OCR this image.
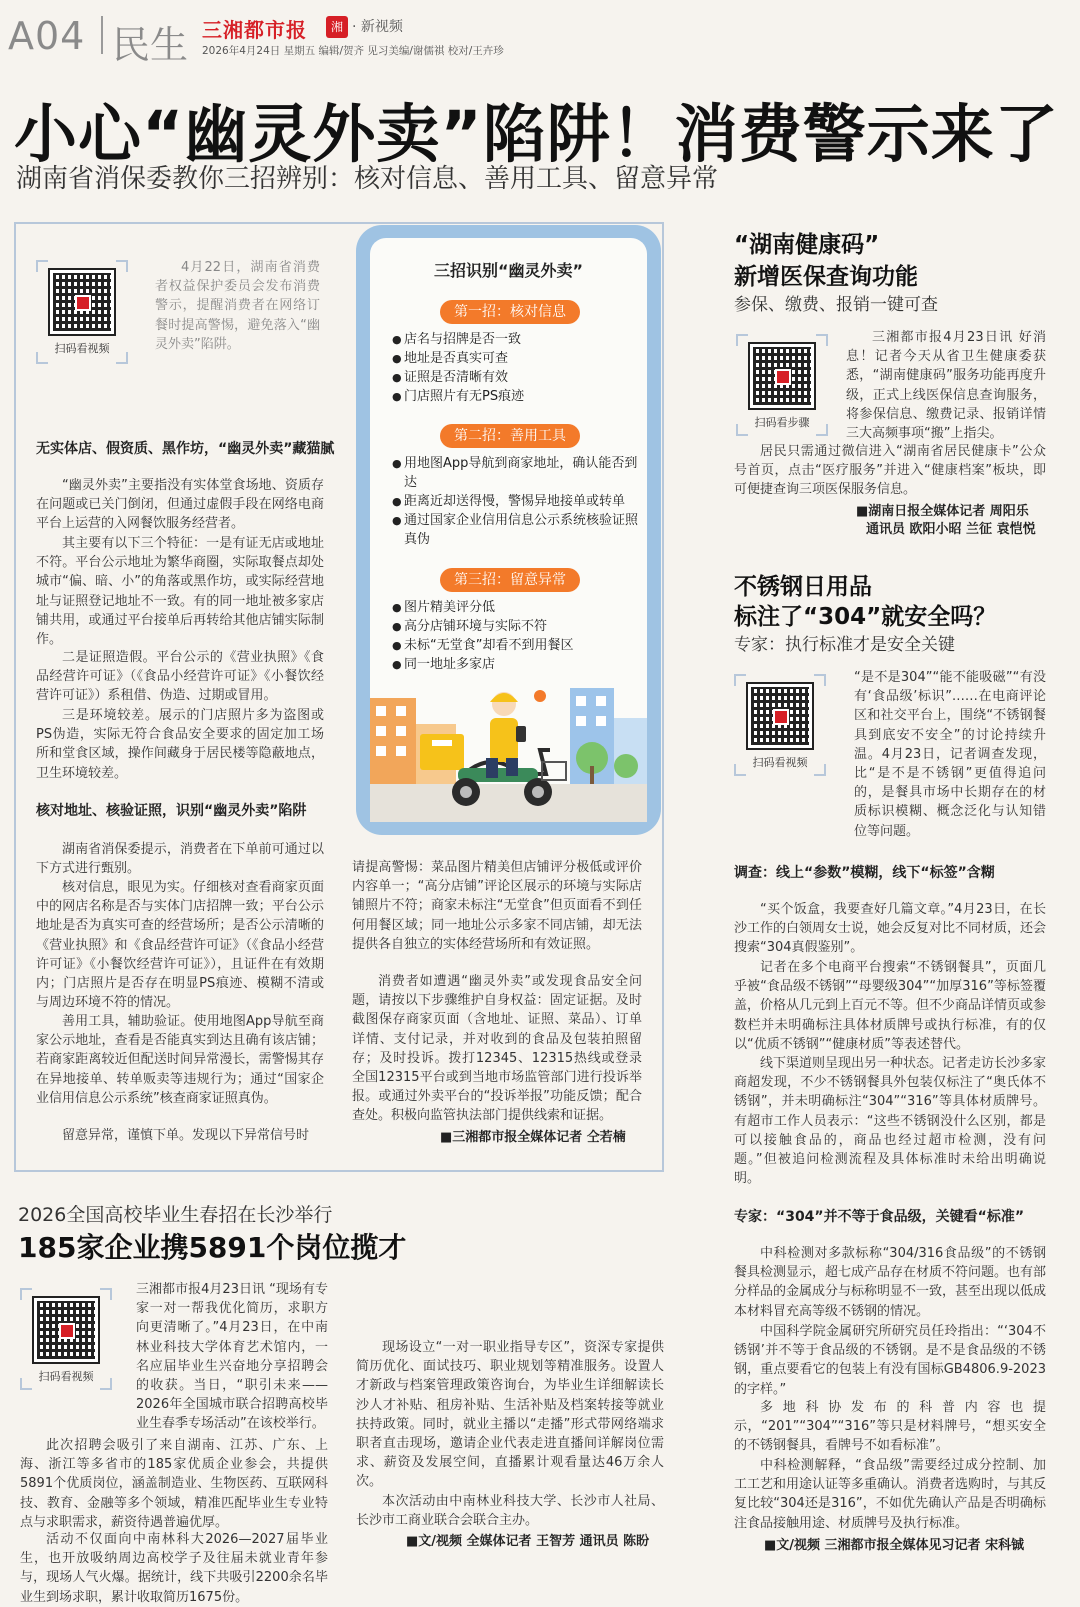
A04 民生 三湘都市报	湘 · 新视频
2026年4月24日 星期五 编辑/贺齐 见习美编/谢儒祺 校对/王卉珍
小心“幽灵外卖”陷阱！消费警示来了
湖南省消保委教你三招辨别：核对信息、善用工具、留意异常
扫码看视频

4月22日，湖南省消费者权益保护委员会发布消费警示，提醒消费者在网络订餐时提高警惕，避免落入“幽灵外卖”陷阱。

无实体店、假资质、黑作坊，“幽灵外卖”藏猫腻

“幽灵外卖”主要指没有实体堂食场地、资质存在问题或已关门倒闭，但通过虚假手段在网络电商平台上运营的入网餐饮服务经营者。

其主要有以下三个特征：一是有证无店或地址不符。平台公示地址为繁华商圈，实际取餐点却处城市“偏、暗、小”的角落或黑作坊，或实际经营地址与证照登记地址不一致。有的同一地址被多家店铺共用，或通过平台接单后再转给其他店铺实际制作。

二是证照造假。平台公示的《营业执照》《食品经营许可证》（《食品小经营许可证》《小餐饮经营许可证》）系租借、伪造、过期或冒用。

三是环境较差。展示的门店照片多为盗图或PS伪造，实际无符合食品安全要求的固定加工场所和堂食区域，操作间藏身于居民楼等隐蔽地点，卫生环境较差。

核对地址、核验证照，识别“幽灵外卖”陷阱

湖南省消保委提示，消费者在下单前可通过以下方式进行甄别。

核对信息，眼见为实。仔细核对查看商家页面中的网店名称是否与实体门店招牌一致；平台公示地址是否为真实可查的经营场所；是否公示清晰的《营业执照》和《食品经营许可证》（《食品小经营许可证》《小餐饮经营许可证》），且证件在有效期内；门店照片是否存在明显PS痕迹、模糊不清或与周边环境不符的情况。

善用工具，辅助验证。使用地图App导航至商家公示地址，查看是否能真实到达且确有该店铺；若商家距离较近但配送时间异常漫长，需警惕其存在异地接单、转单贩卖等违规行为；通过“国家企业信用信息公示系统”核查商家证照真伪。

留意异常，谨慎下单。发现以下异常信号时

请提高警惕：菜品图片精美但店铺评分极低或评价内容单一；“高分店铺”评论区展示的环境与实际店铺照片不符；商家未标注“无堂食”但页面看不到任何用餐区域；同一地址公示多家不同店铺，却无法提供各自独立的实体经营场所和有效证照。

消费者如遭遇“幽灵外卖”或发现食品安全问题，请按以下步骤维护自身权益：固定证据。及时截图保存商家页面（含地址、证照、菜品）、订单详情、支付记录，并对收到的食品及包装拍照留存；及时投诉。拨打12345、12315热线或登录全国12315平台或到当地市场监管部门进行投诉举报。或通过外卖平台的“投诉举报”功能反馈；配合查处。积极向监管执法部门提供线索和证据。

■三湘都市报全媒体记者 仝若楠
三招识别“幽灵外卖”
第一招：核对信息
● 店名与招牌是否一致
● 地址是否真实可查
● 证照是否清晰有效
● 门店照片有无PS痕迹
第二招：善用工具
● 用地图App导航到商家地址，确认能否到达
● 距离近却送得慢，警惕异地接单或转单
● 通过国家企业信用信息公示系统核验证照真伪
第三招：留意异常
● 图片精美评分低
● 高分店铺环境与实际不符
● 未标“无堂食”却看不到用餐区
● 同一地址多家店
“湖南健康码”
新增医保查询功能
参保、缴费、报销一键可查
扫码看步骤

三湘都市报4月23日讯 好消息！记者今天从省卫生健康委获悉，“湖南健康码”服务功能再度升级，正式上线医保信息查询服务，将参保信息、缴费记录、报销详情三大高频事项“搬”上指尖。

居民只需通过微信进入“湖南省居民健康卡”公众号首页，点击“医疗服务”并进入“健康档案”板块，即可便捷查询三项医保服务信息。

■湖南日报全媒体记者 周阳乐
通讯员 欧阳小昭 兰征 袁恺悦
不锈钢日用品
标注了“304”就安全吗？
专家：执行标准才是安全关键
扫码看视频

“是不是304”“能不能吸磁”“有没有‘食品级’标识”……在电商评论区和社交平台上，围绕“不锈钢餐具到底安不安全”的讨论持续升温。4月23日，记者调查发现，比“是不是不锈钢”更值得追问的，是餐具市场中长期存在的材质标识模糊、概念泛化与认知错位等问题。

调查：线上“参数”模糊，线下“标签”含糊

“买个饭盒，我要查好几篇文章。”4月23日，在长沙工作的白领周女士说，她会反复对比不同材质，还会搜索“304真假鉴别”。

记者在多个电商平台搜索“不锈钢餐具”，页面几乎被“食品级不锈钢”“母婴级304”“加厚316”等标签覆盖，价格从几元到上百元不等。但不少商品详情页或参数栏并未明确标注具体材质牌号或执行标准，有的仅以“优质不锈钢”“健康材质”等表述替代。

线下渠道则呈现出另一种状态。记者走访长沙多家商超发现，不少不锈钢餐具外包装仅标注了“奥氏体不锈钢”，并未明确标注“304”“316”等具体材质牌号。有超市工作人员表示：“这些不锈钢没什么区别，都是可以接触食品的，商品也经过超市检测，没有问题。”但被追问检测流程及具体标准时未给出明确说明。

专家：“304”并不等于食品级，关键看“标准”

中科检测对多款标称“304/316食品级”的不锈钢餐具检测显示，超七成产品存在材质不符问题。也有部分样品的金属成分与标称明显不一致，甚至出现以低成本材料冒充高等级不锈钢的情况。

中国科学院金属研究所研究员任玲指出：“‘304不锈钢’并不等于食品级的不锈钢。是不是食品级的不锈钢，重点要看它的包装上有没有国标GB4806.9-2023的字样。”

多地科协发布的科普内容也提示，“201”“304”“316”等只是材料牌号，“想买安全的不锈钢餐具，看牌号不如看标准”。

中科检测解释，“食品级”需要经过成分控制、加工工艺和用途认证等多重确认。消费者选购时，与其反复比较“304还是316”，不如优先确认产品是否明确标注食品接触用途、材质牌号及执行标准。

■文/视频 三湘都市报全媒体见习记者 宋科铖
2026全国高校毕业生春招在长沙举行
185家企业携5891个岗位揽才
扫码看视频

三湘都市报4月23日讯 “现场有专家一对一帮我优化简历，求职方向更清晰了。”4月23日，在中南林业科技大学体育艺术馆内，一名应届毕业生兴奋地分享招聘会的收获。当日，“职引未来——2026年全国城市联合招聘高校毕业生春季专场活动”在该校举行。

此次招聘会吸引了来自湖南、江苏、广东、上海、浙江等多省市的185家优质企业参会，共提供5891个优质岗位，涵盖制造业、生物医药、互联网科技、教育、金融等多个领域，精准匹配毕业生专业特点与求职需求，薪资待遇普遍优厚。

活动不仅面向中南林科大2026—2027届毕业生，也开放吸纳周边高校学子及往届未就业青年参与，现场人气火爆。据统计，线下共吸引2200余名毕业生到场求职，累计收取简历1675份。

现场设立“一对一职业指导专区”，资深专家提供简历优化、面试技巧、职业规划等精准服务。设置人才新政与档案管理政策咨询台，为毕业生详细解读长沙人才补贴、租房补贴、生活补贴及档案转接等就业扶持政策。同时，就业主播以“走播”形式带网络端求职者直击现场，邀请企业代表走进直播间详解岗位需求、薪资及发展空间，直播累计观看量达46万余人次。

本次活动由中南林业科技大学、长沙市人社局、长沙市工商业联合会联合主办。

■文/视频 全媒体记者 王智芳 通讯员 陈盼
